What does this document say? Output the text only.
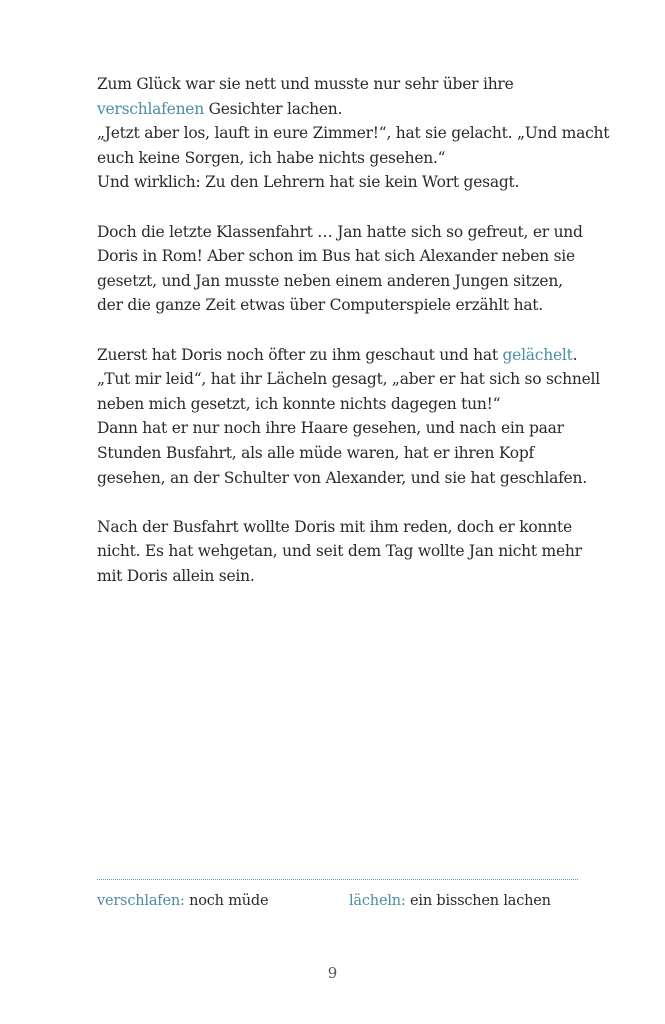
Zum Glück war sie nett und musste nur sehr über ihre
verschlafenen Gesichter lachen.
„Jetzt aber los, lauft in eure Zimmer!“, hat sie gelacht. „Und macht
euch keine Sorgen, ich habe nichts gesehen.“
Und wirklich: Zu den Lehrern hat sie kein Wort gesagt.
Doch die letzte Klassenfahrt … Jan hatte sich so gefreut, er und
Doris in Rom! Aber schon im Bus hat sich Alexander neben sie
gesetzt, und Jan musste neben einem anderen Jungen sitzen,
der die ganze Zeit etwas über Computerspiele erzählt hat.
Zuerst hat Doris noch öfter zu ihm geschaut und hat gelächelt.
„Tut mir leid“, hat ihr Lächeln gesagt, „aber er hat sich so schnell
neben mich gesetzt, ich konnte nichts dagegen tun!“
Dann hat er nur noch ihre Haare gesehen, und nach ein paar
Stunden Busfahrt, als alle müde waren, hat er ihren Kopf
gesehen, an der Schulter von Alexander, und sie hat geschlafen.
Nach der Busfahrt wollte Doris mit ihm reden, doch er konnte
nicht. Es hat wehgetan, und seit dem Tag wollte Jan nicht mehr
mit Doris allein sein.
verschlafen: noch müde	lächeln: ein bisschen lachen
9
